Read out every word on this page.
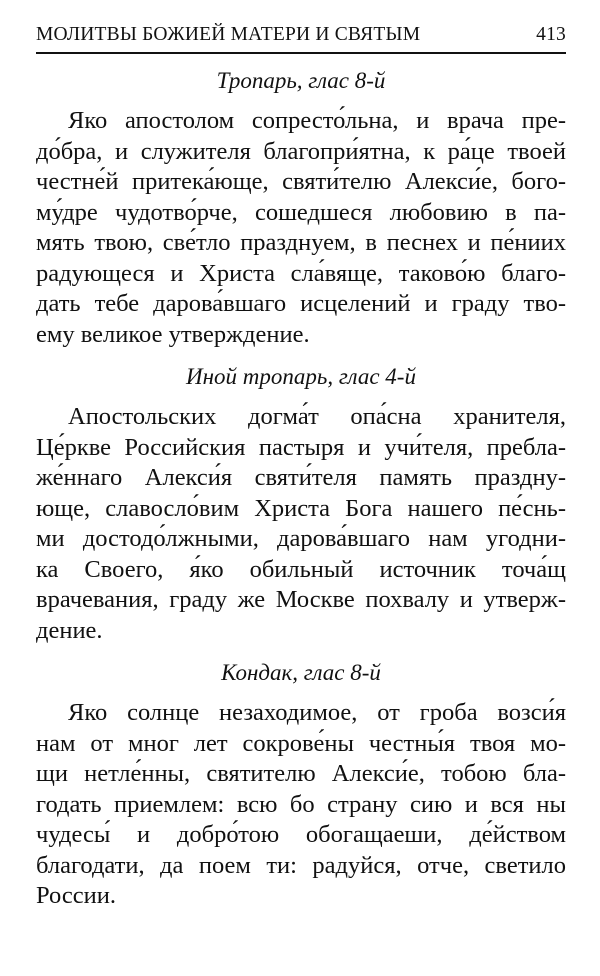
МОЛИТВЫ БОЖИЕЙ МАТЕРИ И СВЯТЫМ	413
Тропарь, глас 8-й
Яко апостолом сопресто́льна, и врача пре-
до́бра, и служителя благопри́ятна, к ра́це твоей
честне́й притека́юще, святи́телю Алекси́е, бого-
му́дре чудотво́рче, сошедшеся любовию в па-
мять твою, све́тло празднуем, в песнех и пе́ниих
радующеся и Христа сла́вяще, таково́ю благо-
дать тебе дарова́вшаго исцелений и граду тво-
ему великое утверждение.
Иной тропарь, глас 4-й
Апостольских догма́т опа́сна хранителя,
Це́ркве Российския пастыря и учи́теля, пребла-
же́ннаго Алекси́я святи́теля память праздну-
юще, славосло́вим Христа Бога нашего пе́снь-
ми достодо́лжными, дарова́вшаго нам угодни-
ка Своего, я́ко обильный источник точа́щ
врачевания, граду же Москве похвалу и утверж-
дение.
Кондак, глас 8-й
Яко солнце незаходимое, от гроба возси́я
нам от мног лет сокрове́ны честны́я твоя мо-
щи нетле́нны, святителю Алекси́е, тобою бла-
годать приемлем: всю бо страну сию и вся ны
чудесы́ и добро́тою обогащаеши, де́йством
благодати, да поем ти: радуйся, отче, светило
России.
